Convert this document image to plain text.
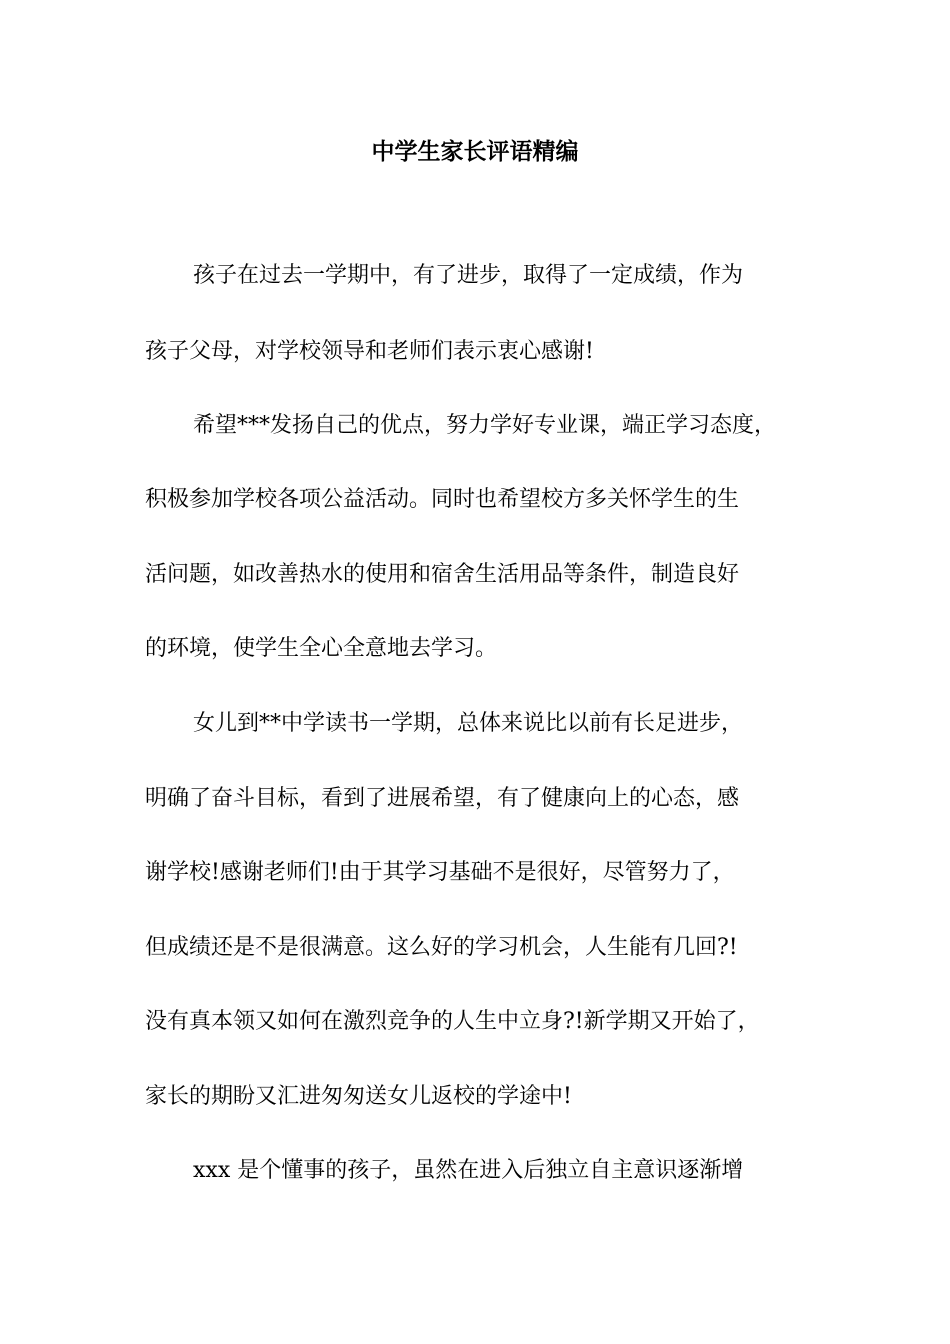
中学生家长评语精编

孩子在过去一学期中，有了进步，取得了一定成绩，作为

孩子父母，对学校领导和老师们表示衷心感谢!

希望***发扬自己的优点，努力学好专业课，端正学习态度，

积极参加学校各项公益活动。同时也希望校方多关怀学生的生

活问题，如改善热水的使用和宿舍生活用品等条件，制造良好

的环境，使学生全心全意地去学习。

女儿到**中学读书一学期，总体来说比以前有长足进步，

明确了奋斗目标，看到了进展希望，有了健康向上的心态，感

谢学校!感谢老师们!由于其学习基础不是很好，尽管努力了，

但成绩还是不是很满意。这么好的学习机会，人生能有几回?!

没有真本领又如何在激烈竞争的人生中立身?!新学期又开始了，

家长的期盼又汇进匆匆送女儿返校的学途中!

xxx 是个懂事的孩子，虽然在进入后独立自主意识逐渐增
